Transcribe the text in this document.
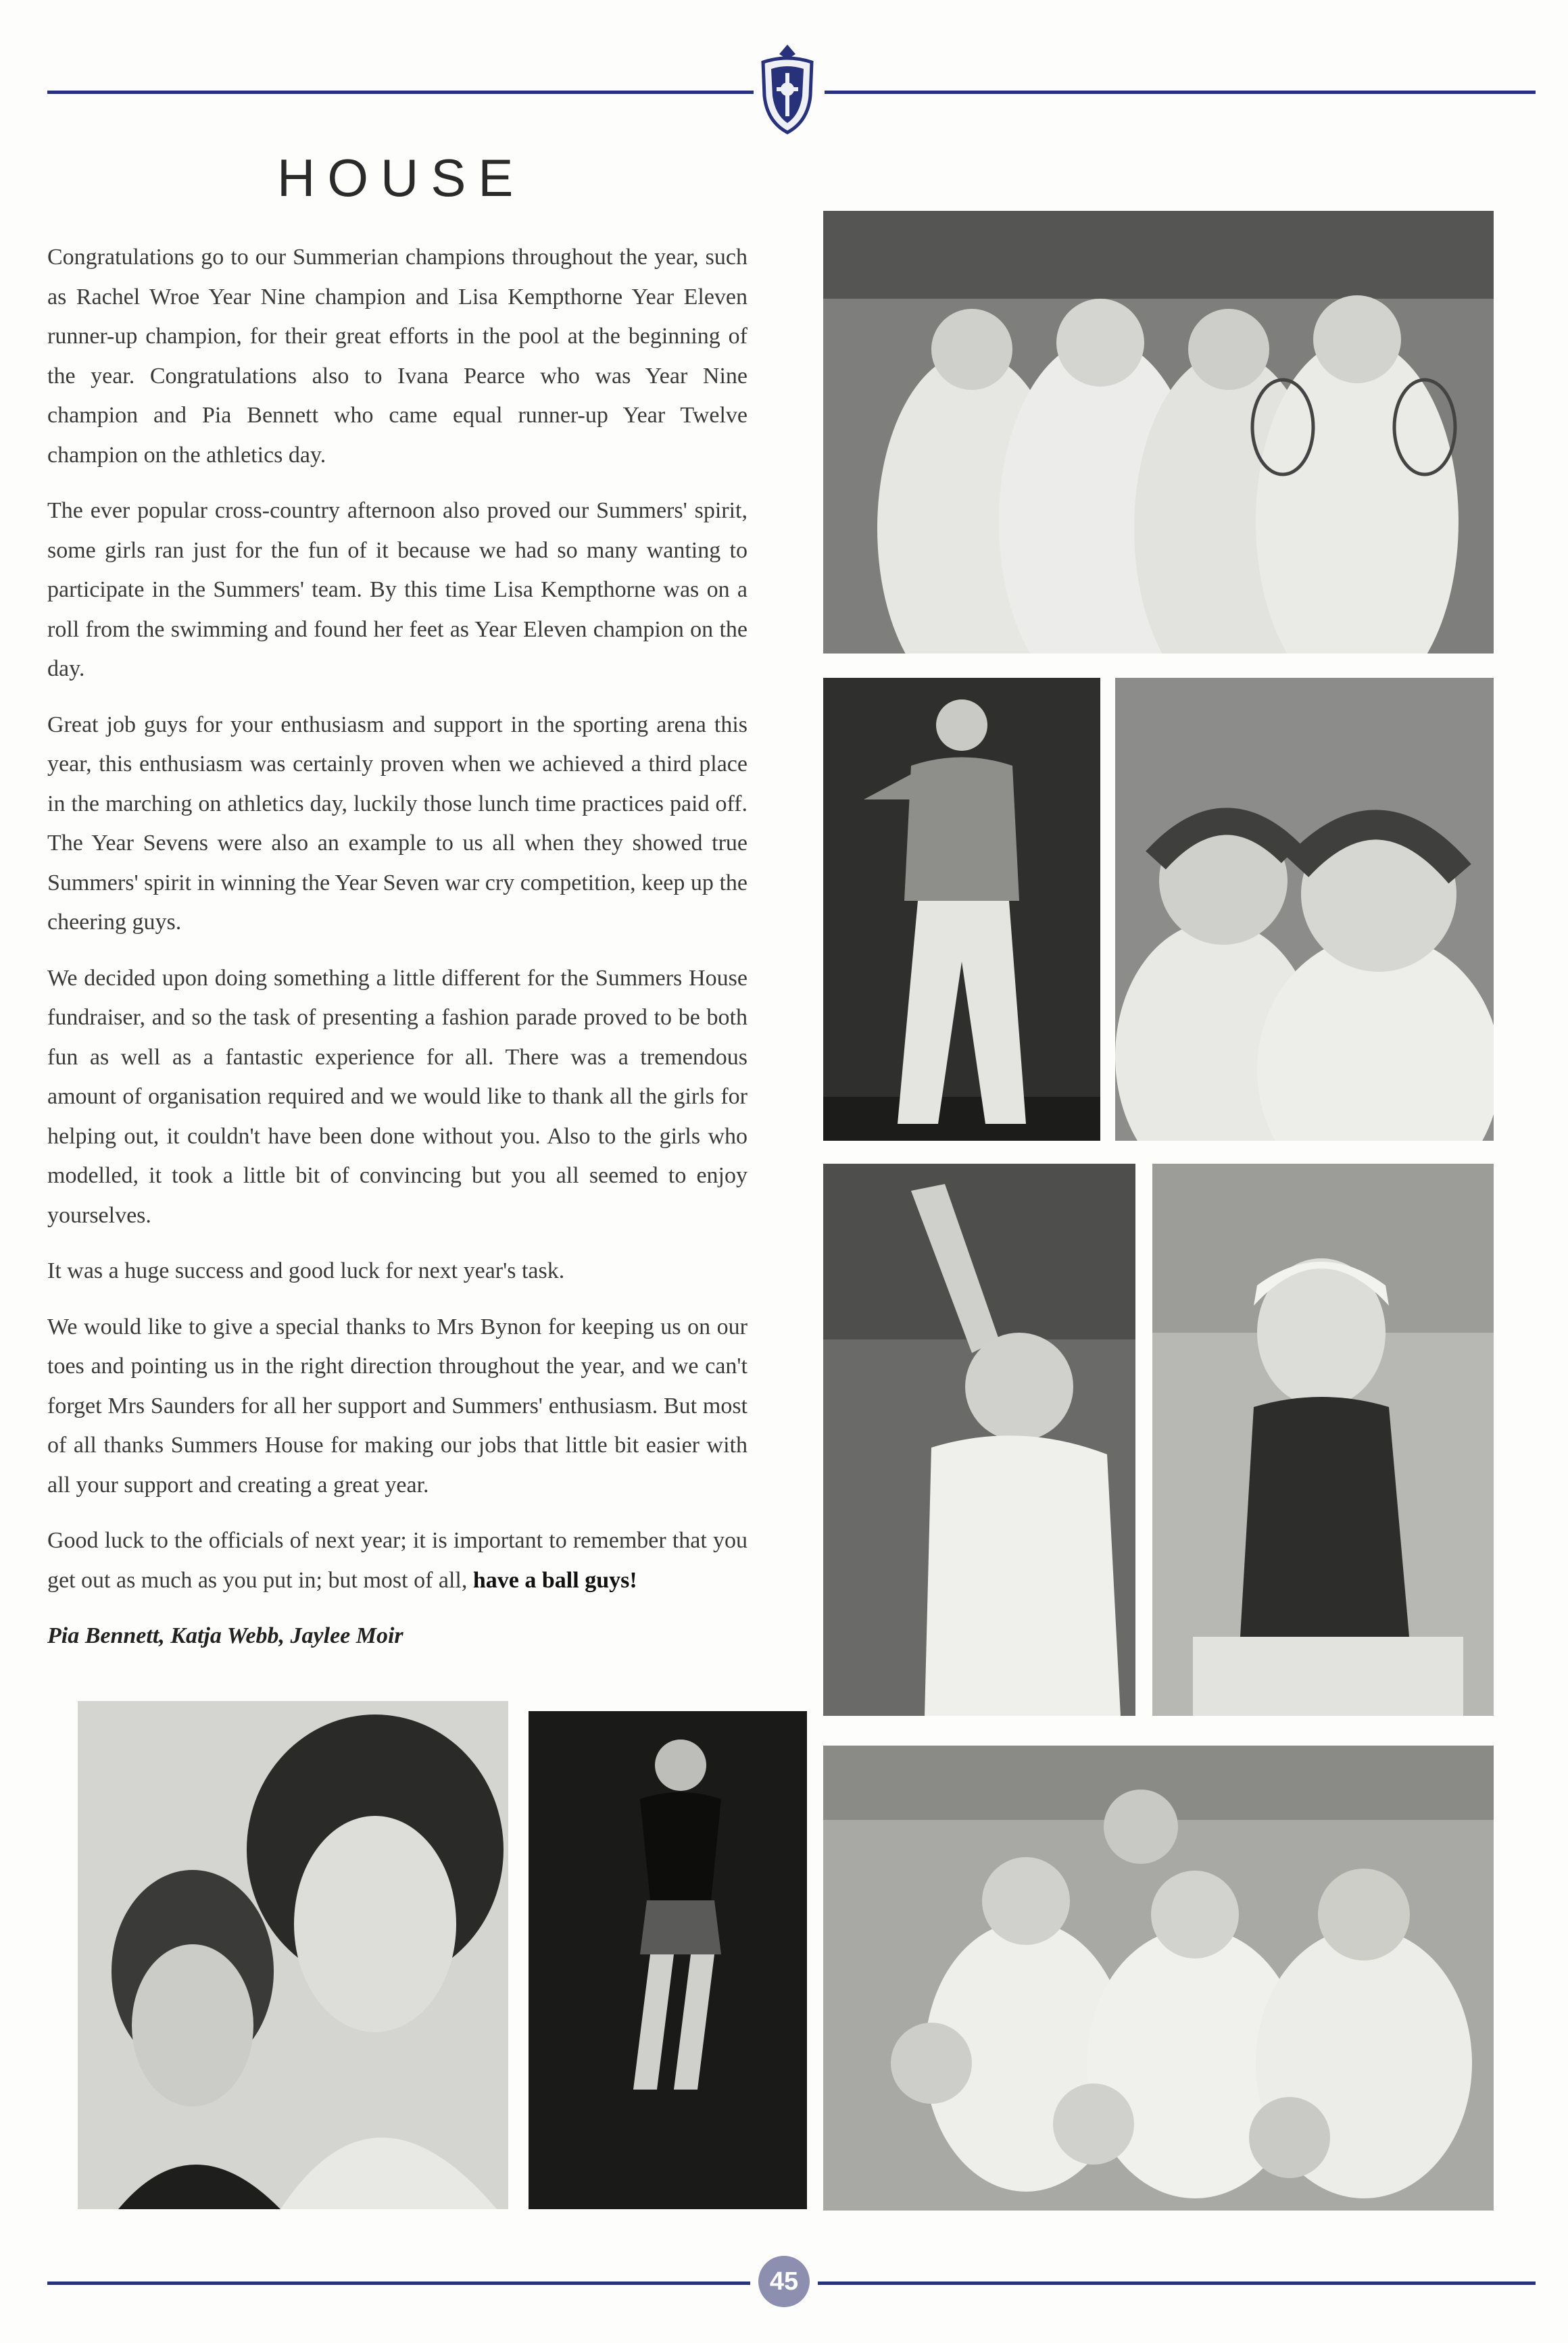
HOUSE

Congratulations go to our Summerian champions throughout the year, such as Rachel Wroe Year Nine champion and Lisa Kempthorne Year Eleven runner-up champion, for their great efforts in the pool at the beginning of the year. Congratulations also to Ivana Pearce who was Year Nine champion and Pia Bennett who came equal runner-up Year Twelve champion on the athletics day.

The ever popular cross-country afternoon also proved our Summers' spirit, some girls ran just for the fun of it because we had so many wanting to participate in the Summers' team. By this time Lisa Kempthorne was on a roll from the swimming and found her feet as Year Eleven champion on the day.

Great job guys for your enthusiasm and support in the sporting arena this year, this enthusiasm was certainly proven when we achieved a third place in the marching on athletics day, luckily those lunch time practices paid off. The Year Sevens were also an example to us all when they showed true Summers' spirit in winning the Year Seven war cry competition, keep up the cheering guys.

We decided upon doing something a little different for the Summers House fundraiser, and so the task of presenting a fashion parade proved to be both fun as well as a fantastic experience for all. There was a tremendous amount of organisation required and we would like to thank all the girls for helping out, it couldn't have been done without you. Also to the girls who modelled, it took a little bit of convincing but you all seemed to enjoy yourselves.

It was a huge success and good luck for next year's task.

We would like to give a special thanks to Mrs Bynon for keeping us on our toes and pointing us in the right direction throughout the year, and we can't forget Mrs Saunders for all her support and Summers' enthusiasm. But most of all thanks Summers House for making our jobs that little bit easier with all your support and creating a great year.

Good luck to the officials of next year; it is important to remember that you get out as much as you put in; but most of all, have a ball guys!

Pia Bennett, Katja Webb, Jaylee Moir

45
